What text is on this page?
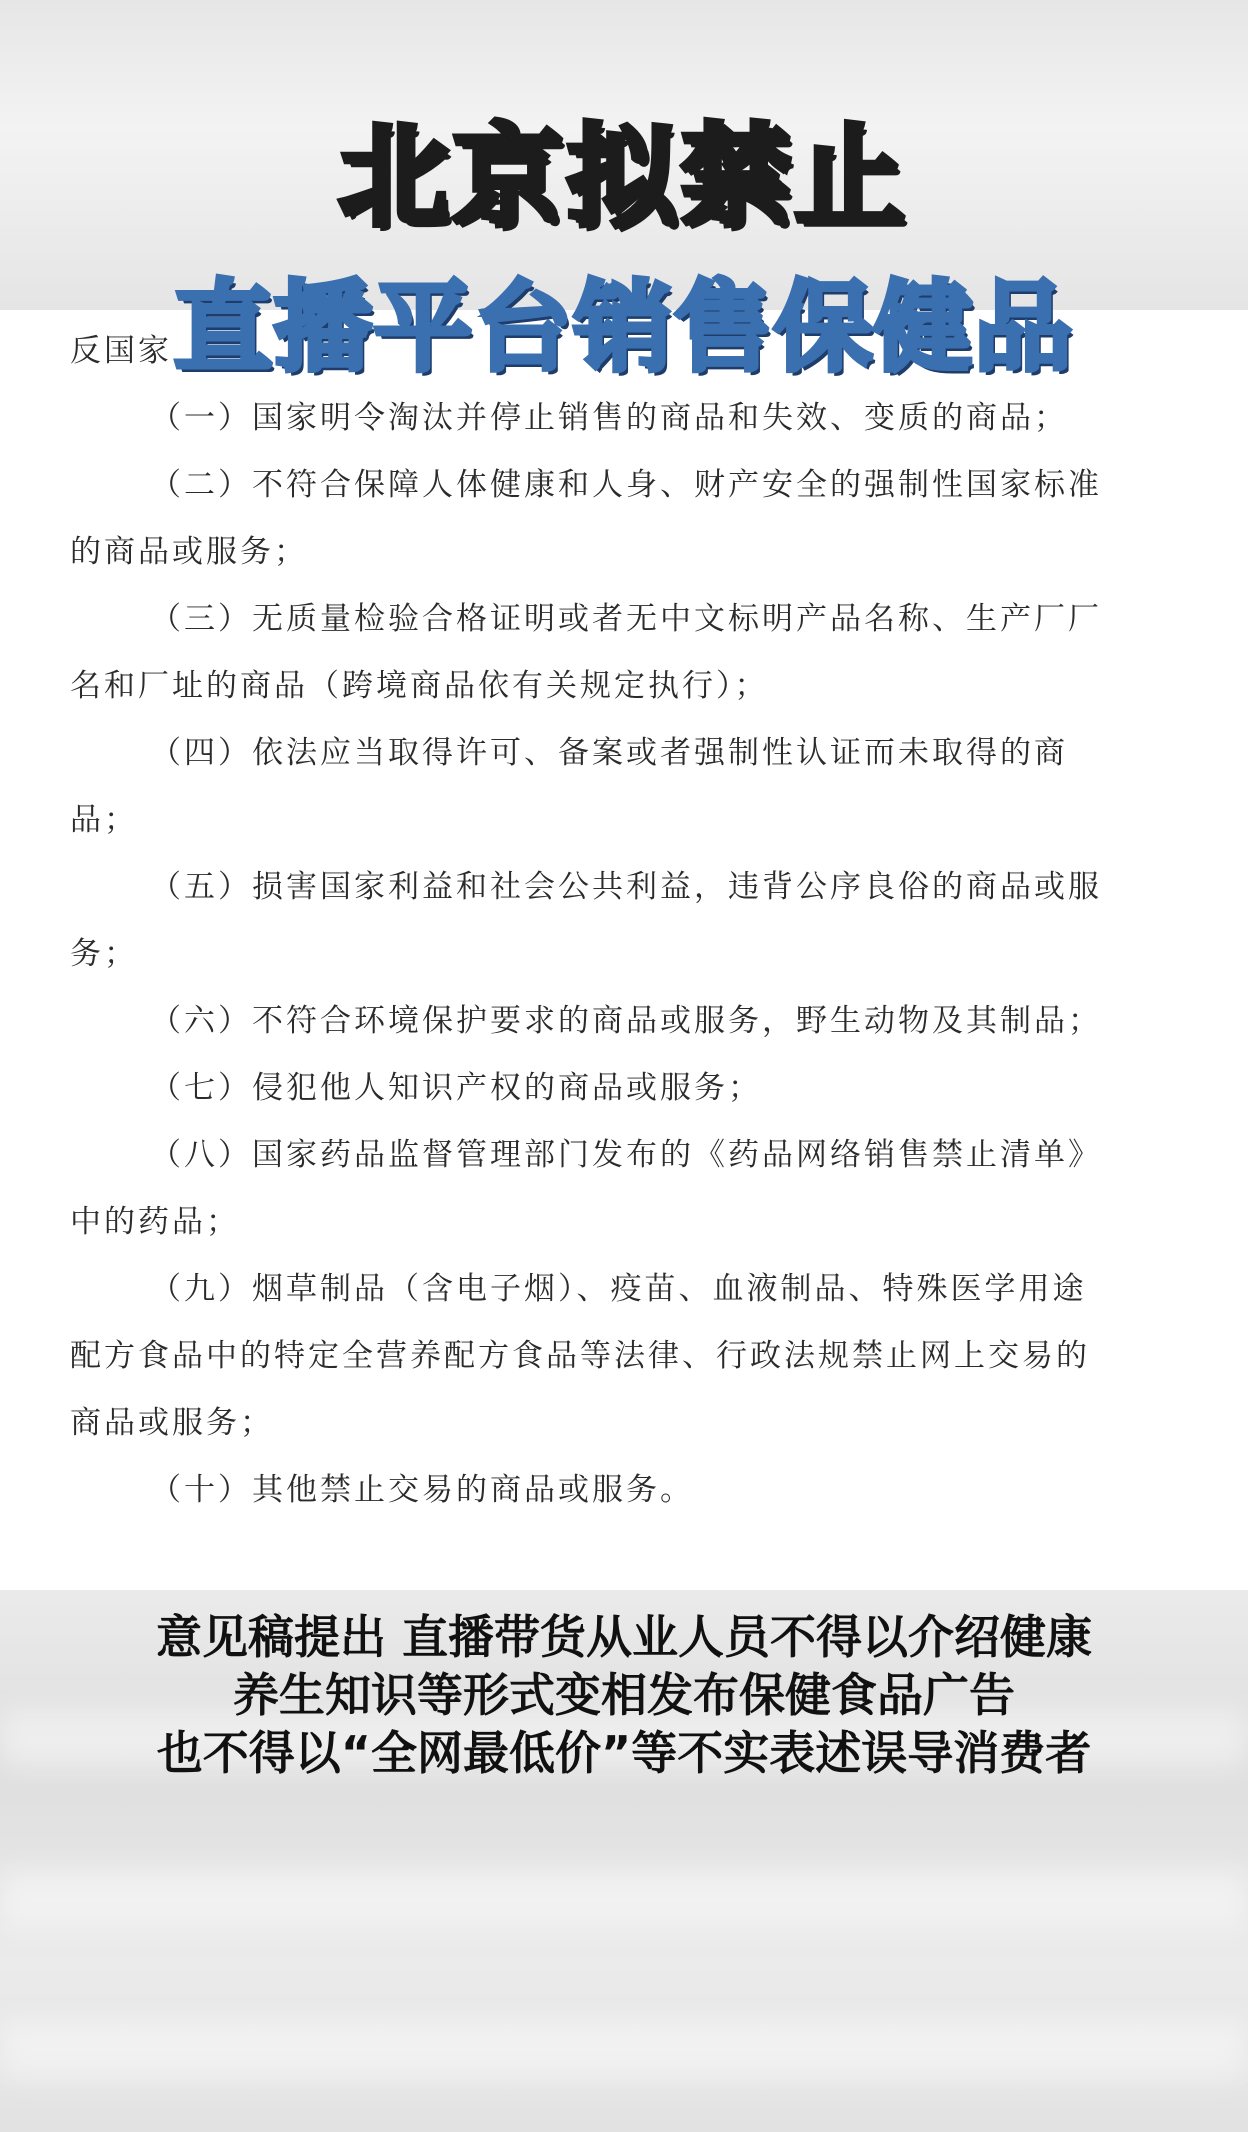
反国家

（一）国家明令淘汰并停止销售的商品和失效、变质的商品；

（二）不符合保障人体健康和人身、财产安全的强制性国家标准的商品或服务；

（三）无质量检验合格证明或者无中文标明产品名称、生产厂厂名和厂址的商品（跨境商品依有关规定执行）；

（四）依法应当取得许可、备案或者强制性认证而未取得的商品；

（五）损害国家利益和社会公共利益，违背公序良俗的商品或服务；

（六）不符合环境保护要求的商品或服务，野生动物及其制品；

（七）侵犯他人知识产权的商品或服务；

（八）国家药品监督管理部门发布的《药品网络销售禁止清单》中的药品；

（九）烟草制品（含电子烟）、疫苗、血液制品、特殊医学用途配方食品中的特定全营养配方食品等法律、行政法规禁止网上交易的商品或服务；

（十）其他禁止交易的商品或服务。

北京拟禁止
直播平台销售保健品
意见稿提出 直播带货从业人员不得以介绍健康
养生知识等形式变相发布保健食品广告
也不得以“全网最低价”等不实表述误导消费者
